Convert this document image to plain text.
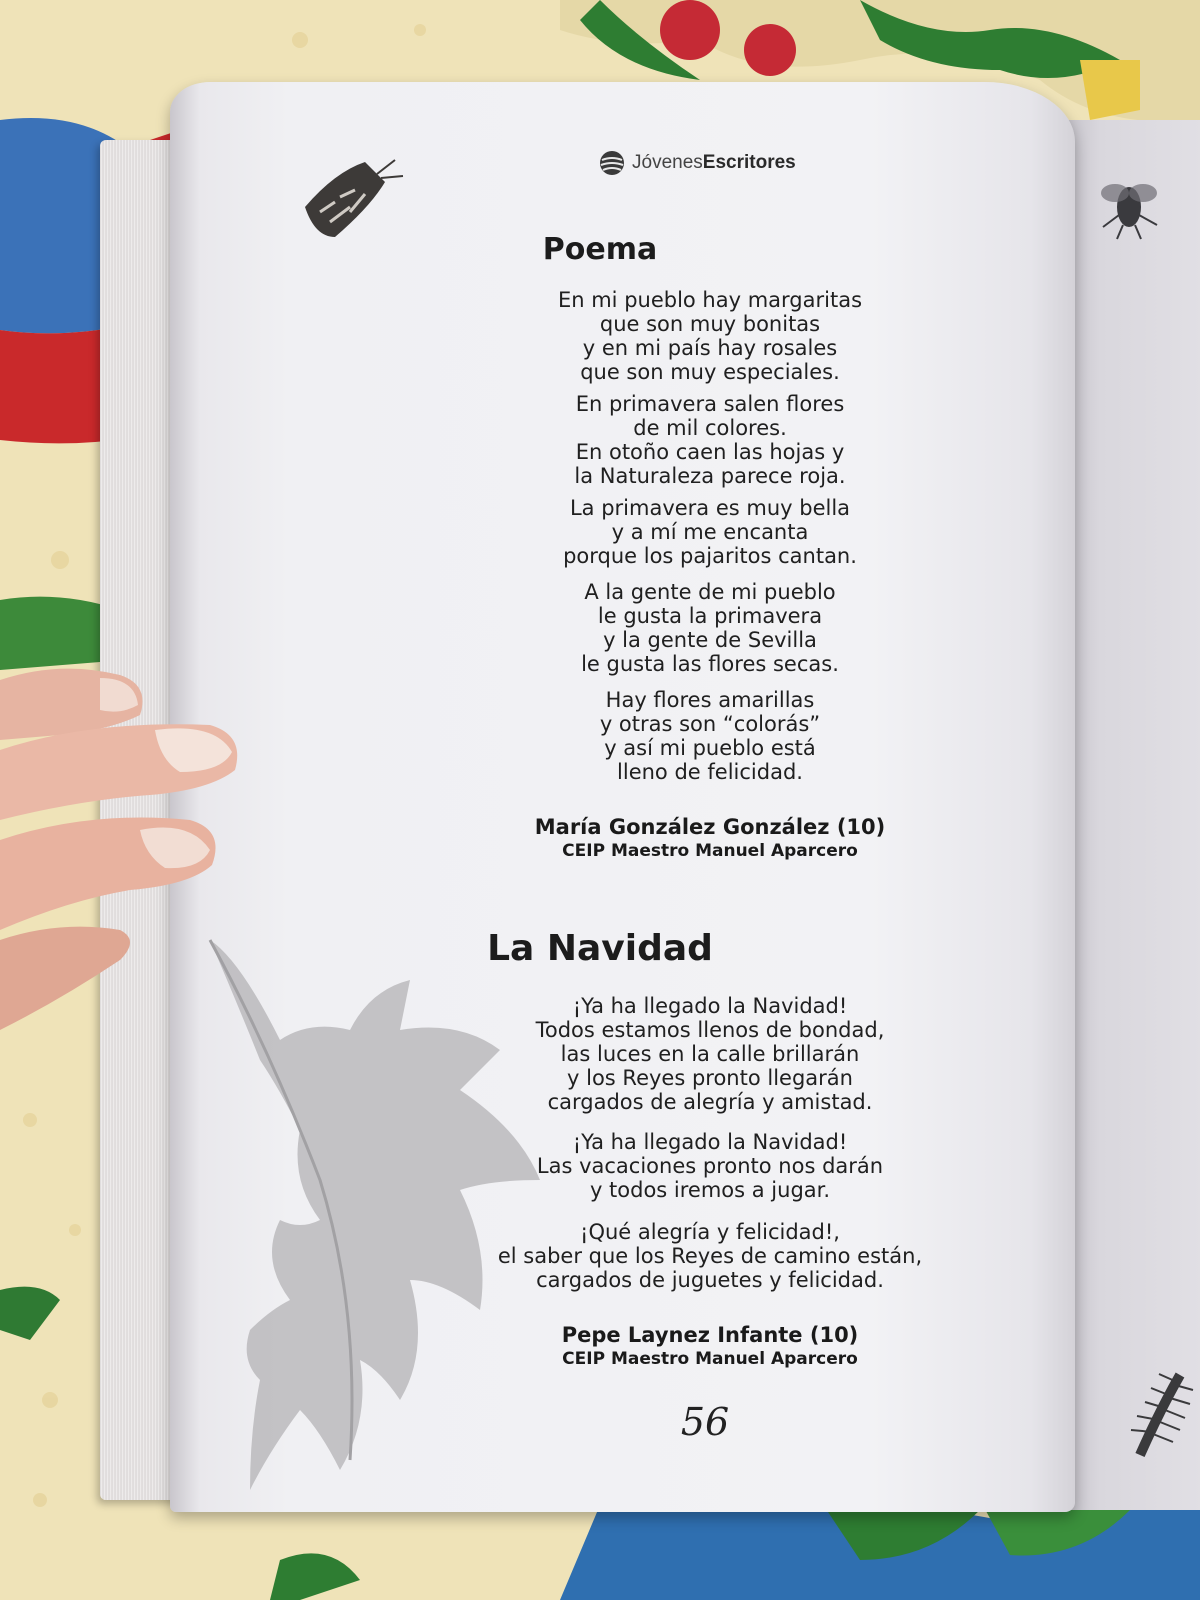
Jóvenes Escritores
Poema
En mi pueblo hay margaritas
que son muy bonitas
y en mi país hay rosales
que son muy especiales.
En primavera salen flores
de mil colores.
En otoño caen las hojas y
la Naturaleza parece roja.
La primavera es muy bella
y a mí me encanta
porque los pajaritos cantan.
A la gente de mi pueblo
le gusta la primavera
y la gente de Sevilla
le gusta las flores secas.
Hay flores amarillas
y otras son “colorás”
y así mi pueblo está
lleno de felicidad.
María González González (10)
CEIP Maestro Manuel Aparcero
La Navidad
¡Ya ha llegado la Navidad!
Todos estamos llenos de bondad,
las luces en la calle brillarán
y los Reyes pronto llegarán
cargados de alegría y amistad.
¡Ya ha llegado la Navidad!
Las vacaciones pronto nos darán
y todos iremos a jugar.
¡Qué alegría y felicidad!,
el saber que los Reyes de camino están,
cargados de juguetes y felicidad.
Pepe Laynez Infante (10)
CEIP Maestro Manuel Aparcero
56
